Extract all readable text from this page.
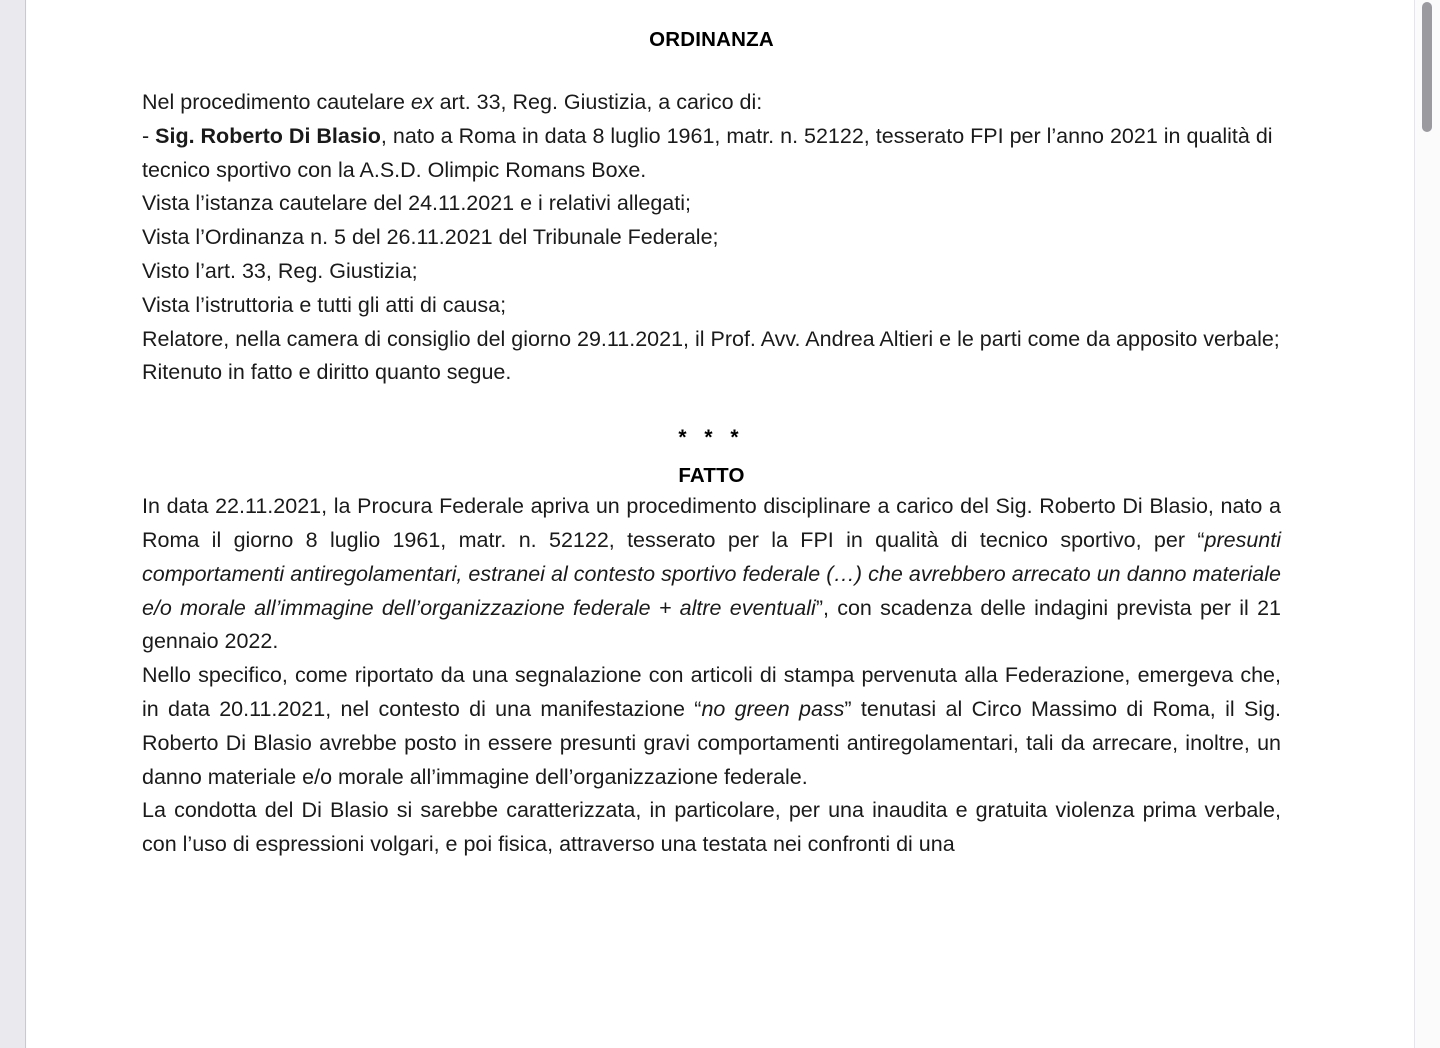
ORDINANZA

Nel procedimento cautelare ex art. 33, Reg. Giustizia, a carico di:

- Sig. Roberto Di Blasio, nato a Roma in data 8 luglio 1961, matr. n. 52122, tesserato FPI per l’anno 2021 in qualità di tecnico sportivo con la A.S.D. Olimpic Romans Boxe.

Vista l’istanza cautelare del 24.11.2021 e i relativi allegati;

Vista l’Ordinanza n. 5 del 26.11.2021 del Tribunale Federale;

Visto l’art. 33, Reg. Giustizia;

Vista l’istruttoria e tutti gli atti di causa;

Relatore, nella camera di consiglio del giorno 29.11.2021, il Prof. Avv. Andrea Altieri e le parti come da apposito verbale;

Ritenuto in fatto e diritto quanto segue.

* * *
FATTO

In data 22.11.2021, la Procura Federale apriva un procedimento disciplinare a carico del Sig. Roberto Di Blasio, nato a Roma il giorno 8 luglio 1961, matr. n. 52122, tesserato per la FPI in qualità di tecnico sportivo, per “presunti comportamenti antiregolamentari, estranei al contesto sportivo federale (…) che avrebbero arrecato un danno materiale e/o morale all’immagine dell’organizzazione federale + altre eventuali”, con scadenza delle indagini prevista per il 21 gennaio 2022.

Nello specifico, come riportato da una segnalazione con articoli di stampa pervenuta alla Federazione, emergeva che, in data 20.11.2021, nel contesto di una manifestazione “no green pass” tenutasi al Circo Massimo di Roma, il Sig. Roberto Di Blasio avrebbe posto in essere presunti gravi comportamenti antiregolamentari, tali da arrecare, inoltre, un danno materiale e/o morale all’immagine dell’organizzazione federale.

La condotta del Di Blasio si sarebbe caratterizzata, in particolare, per una inaudita e gratuita violenza prima verbale, con l’uso di espressioni volgari, e poi fisica, attraverso una testata nei confronti di una
